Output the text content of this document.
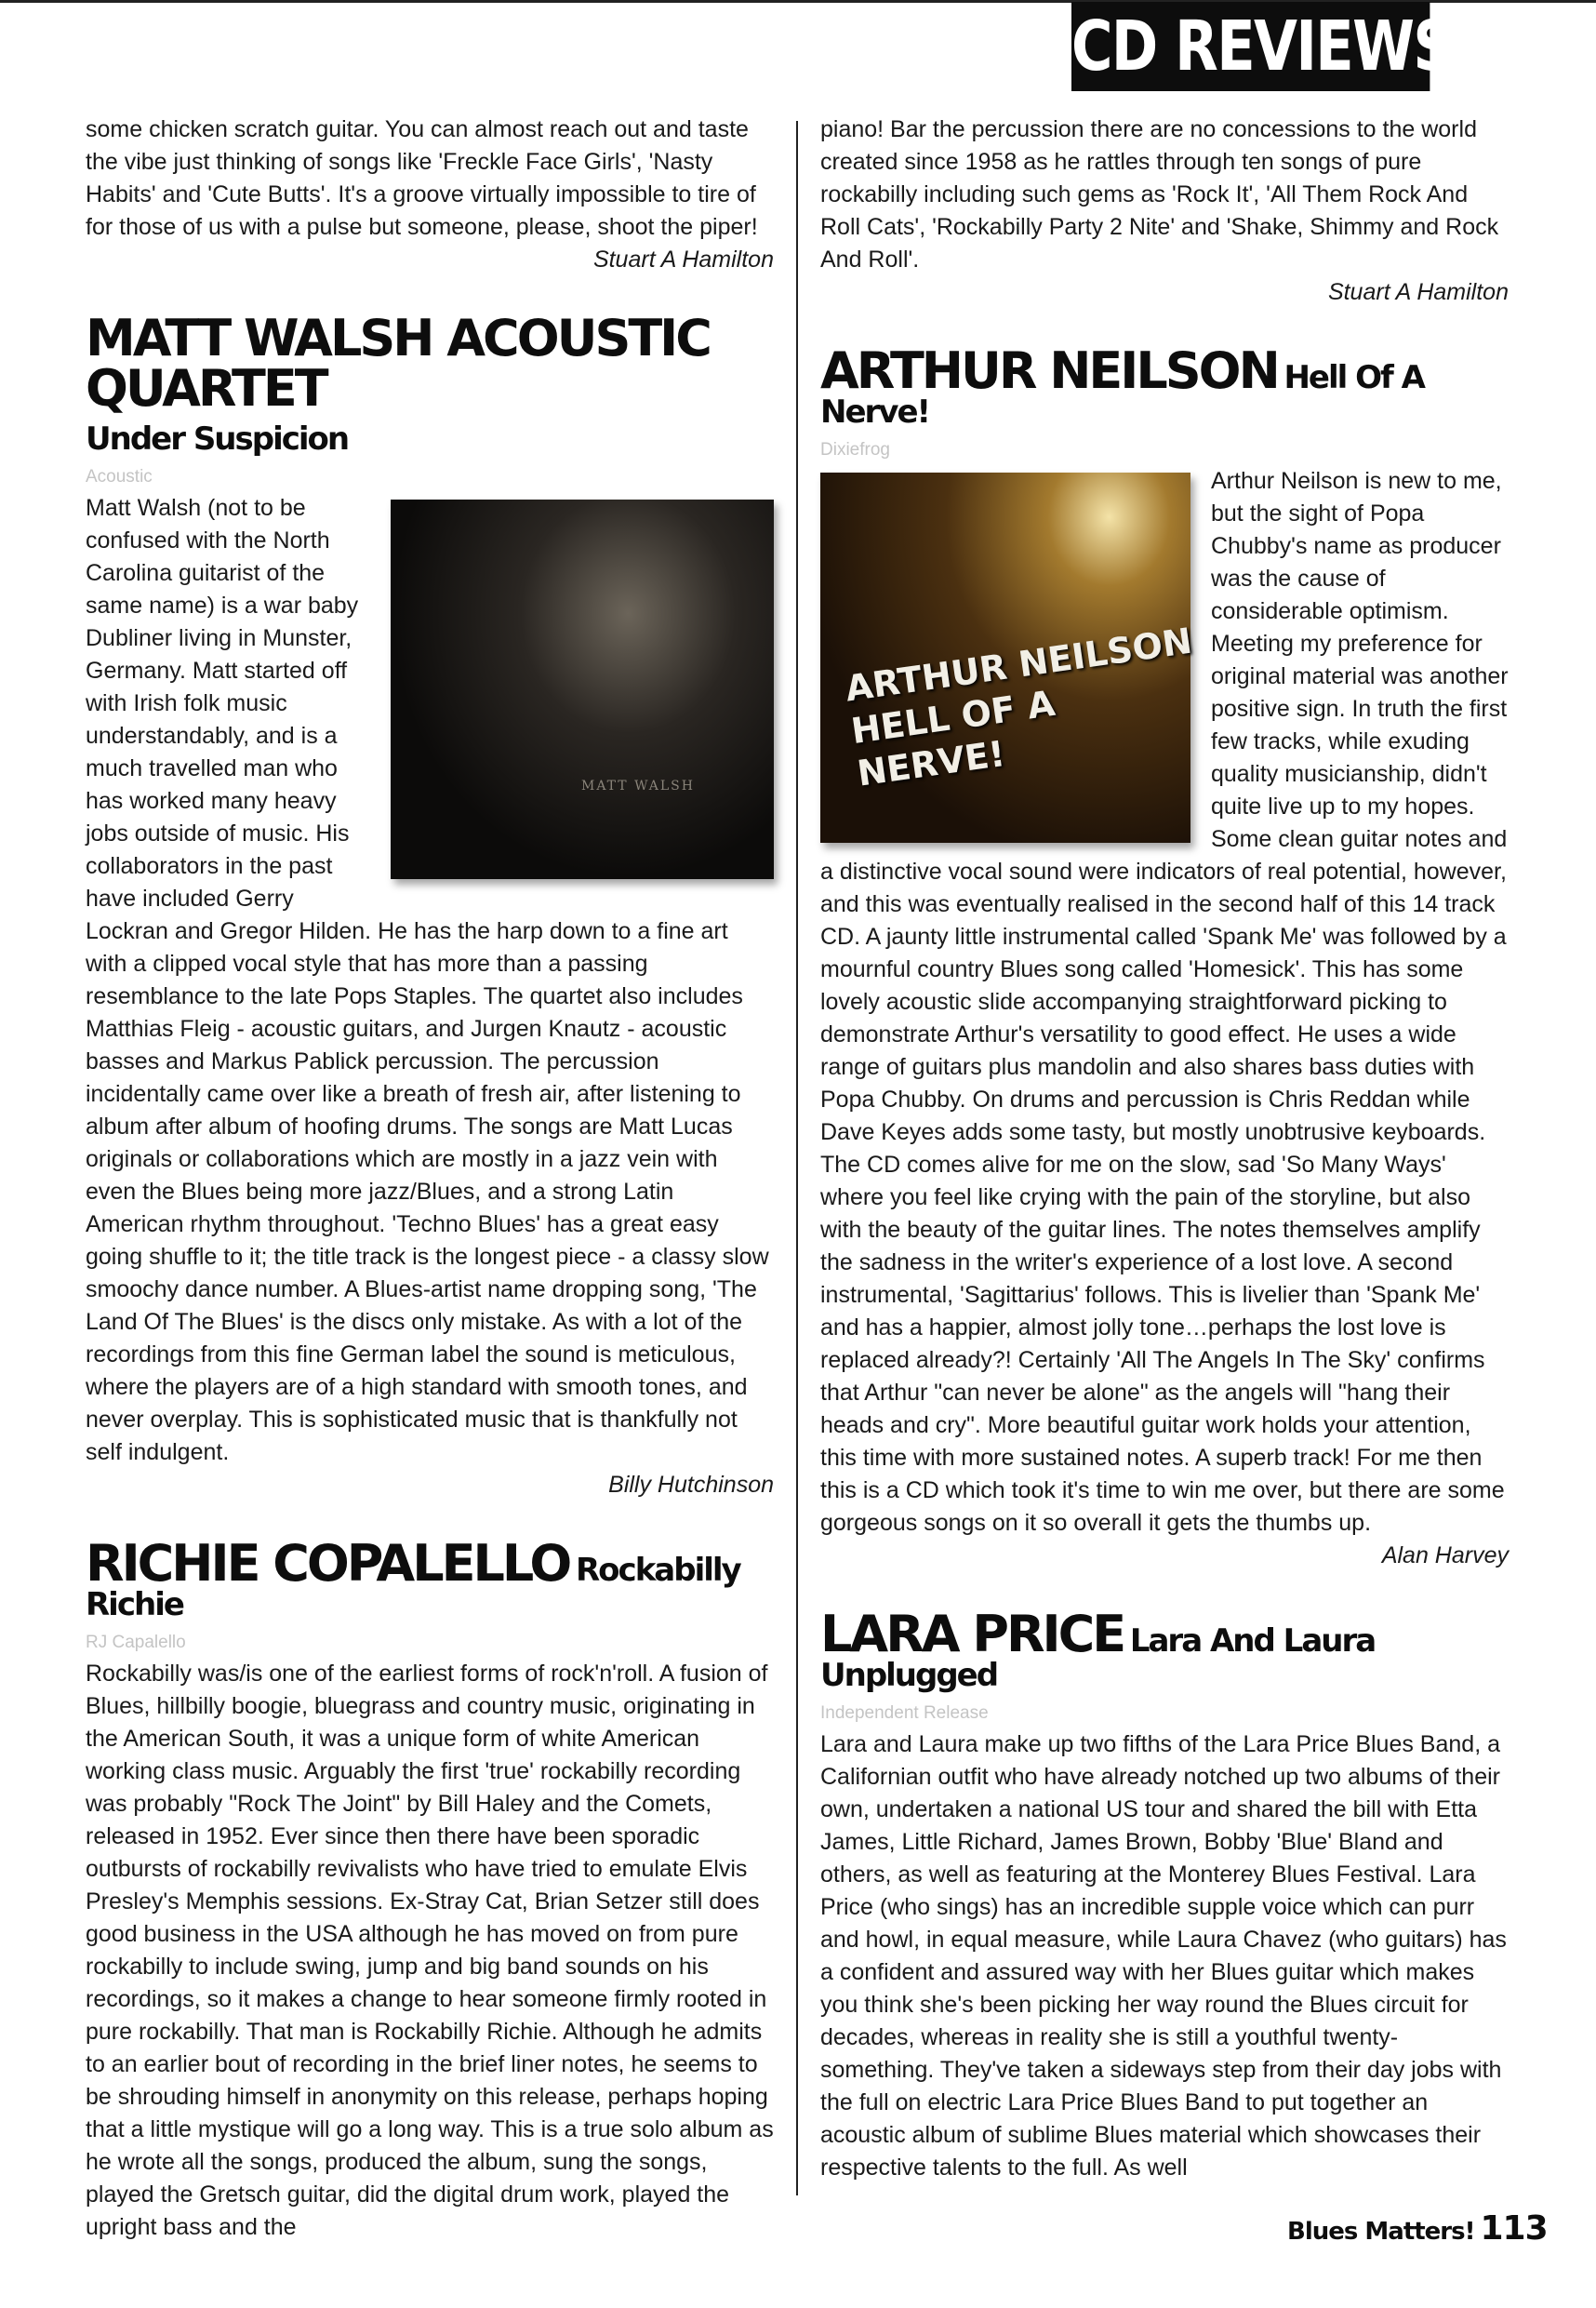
CD REVIEWS

some chicken scratch guitar. You can almost reach out and taste the vibe just thinking of songs like 'Freckle Face Girls', 'Nasty Habits' and 'Cute Butts'. It's a groove virtually impossible to tire of for those of us with a pulse but someone, please, shoot the piper!

Stuart A Hamilton

MATT WALSH ACOUSTIC QUARTET
Under Suspicion
Acoustic
MATT WALSH

Matt Walsh (not to be confused with the North Carolina guitarist of the same name) is a war baby Dubliner living in Munster, Germany. Matt started off with Irish folk music understandably, and is a much travelled man who has worked many heavy jobs outside of music. His collaborators in the past have included Gerry Lockran and Gregor Hilden. He has the harp down to a fine art with a clipped vocal style that has more than a passing resemblance to the late Pops Staples. The quartet also includes Matthias Fleig - acoustic guitars, and Jurgen Knautz - acoustic basses and Markus Pablick percussion. The percussion incidentally came over like a breath of fresh air, after listening to album after album of hoofing drums. The songs are Matt Lucas originals or collaborations which are mostly in a jazz vein with even the Blues being more jazz/Blues, and a strong Latin American rhythm throughout. 'Techno Blues' has a great easy going shuffle to it; the title track is the longest piece - a classy slow smoochy dance number. A Blues-artist name dropping song, 'The Land Of The Blues' is the discs only mistake. As with a lot of the recordings from this fine German label the sound is meticulous, where the players are of a high standard with smooth tones, and never overplay. This is sophisticated music that is thankfully not self indulgent.

Billy Hutchinson

RICHIE COPALELLO Rockabilly Richie
RJ Capalello

Rockabilly was/is one of the earliest forms of rock'n'roll. A fusion of Blues, hillbilly boogie, bluegrass and country music, originating in the American South, it was a unique form of white American working class music. Arguably the first 'true' rockabilly recording was probably "Rock The Joint" by Bill Haley and the Comets, released in 1952. Ever since then there have been sporadic outbursts of rockabilly revivalists who have tried to emulate Elvis Presley's Memphis sessions. Ex-Stray Cat, Brian Setzer still does good business in the USA although he has moved on from pure rockabilly to include swing, jump and big band sounds on his recordings, so it makes a change to hear someone firmly rooted in pure rockabilly. That man is Rockabilly Richie. Although he admits to an earlier bout of recording in the brief liner notes, he seems to be shrouding himself in anonymity on this release, perhaps hoping that a little mystique will go a long way. This is a true solo album as he wrote all the songs, produced the album, sung the songs, played the Gretsch guitar, did the digital drum work, played the upright bass and the

piano! Bar the percussion there are no concessions to the world created since 1958 as he rattles through ten songs of pure rockabilly including such gems as 'Rock It', 'All Them Rock And Roll Cats', 'Rockabilly Party 2 Nite' and 'Shake, Shimmy and Rock And Roll'.

Stuart A Hamilton

ARTHUR NEILSON Hell Of A Nerve!
Dixiefrog
ARTHUR NEILSON
HELL OF A NERVE!

Arthur Neilson is new to me, but the sight of Popa Chubby's name as producer was the cause of considerable optimism. Meeting my preference for original material was another positive sign. In truth the first few tracks, while exuding quality musicianship, didn't quite live up to my hopes. Some clean guitar notes and a distinctive vocal sound were indicators of real potential, however, and this was eventually realised in the second half of this 14 track CD. A jaunty little instrumental called 'Spank Me' was followed by a mournful country Blues song called 'Homesick'. This has some lovely acoustic slide accompanying straightforward picking to demonstrate Arthur's versatility to good effect. He uses a wide range of guitars plus mandolin and also shares bass duties with Popa Chubby. On drums and percussion is Chris Reddan while Dave Keyes adds some tasty, but mostly unobtrusive keyboards. The CD comes alive for me on the slow, sad 'So Many Ways' where you feel like crying with the pain of the storyline, but also with the beauty of the guitar lines. The notes themselves amplify the sadness in the writer's experience of a lost love. A second instrumental, 'Sagittarius' follows. This is livelier than 'Spank Me' and has a happier, almost jolly tone…perhaps the lost love is replaced already?! Certainly 'All The Angels In The Sky' confirms that Arthur "can never be alone" as the angels will "hang their heads and cry". More beautiful guitar work holds your attention, this time with more sustained notes. A superb track! For me then this is a CD which took it's time to win me over, but there are some gorgeous songs on it so overall it gets the thumbs up.

Alan Harvey

LARA PRICE Lara And Laura Unplugged
Independent Release

Lara and Laura make up two fifths of the Lara Price Blues Band, a Californian outfit who have already notched up two albums of their own, undertaken a national US tour and shared the bill with Etta James, Little Richard, James Brown, Bobby 'Blue' Bland and others, as well as featuring at the Monterey Blues Festival. Lara Price (who sings) has an incredible supple voice which can purr and howl, in equal measure, while Laura Chavez (who guitars) has a confident and assured way with her Blues guitar which makes you think she's been picking her way round the Blues circuit for decades, whereas in reality she is still a youthful twenty-something. They've taken a sideways step from their day jobs with the full on electric Lara Price Blues Band to put together an acoustic album of sublime Blues material which showcases their respective talents to the full. As well

Blues Matters! 113
